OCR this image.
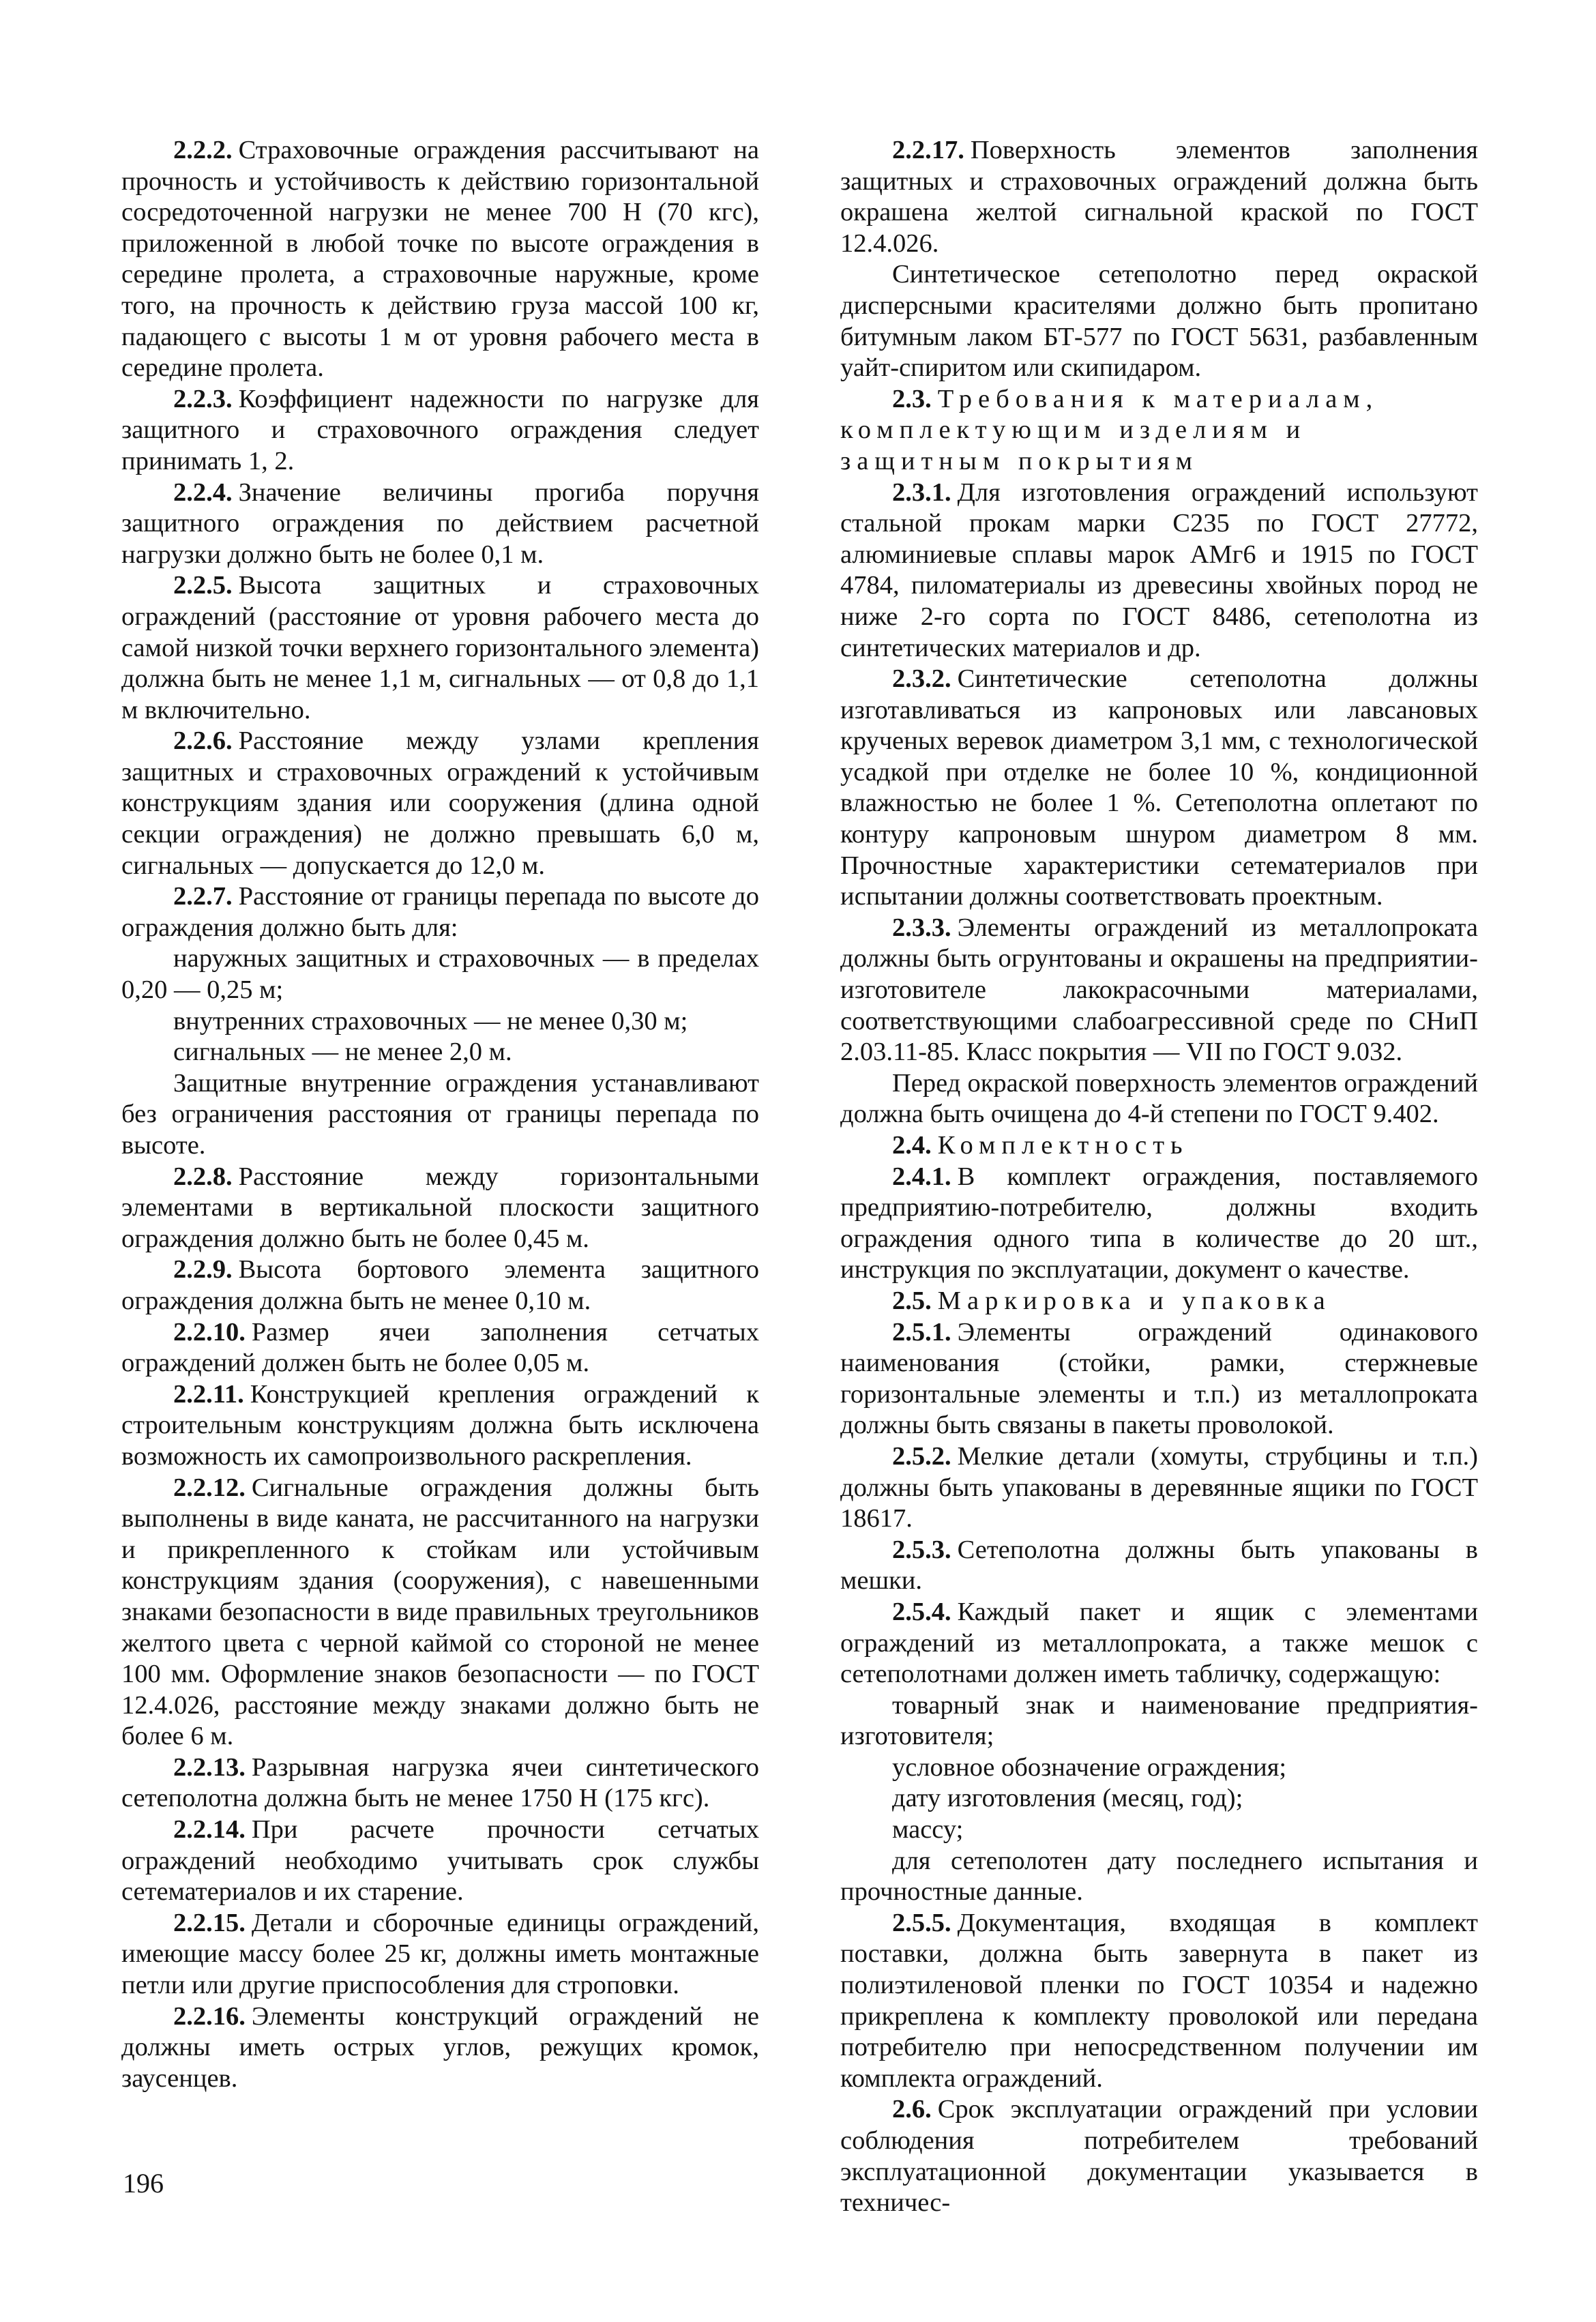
2.2.2. Страховочные ограждения рассчитывают на прочность и устойчивость к действию горизонтальной сосредоточенной нагрузки не менее 700 Н (70 кгс), приложенной в любой точке по высоте ограждения в середине пролета, а страховочные наружные, кроме того, на прочность к действию груза массой 100 кг, падающего с высоты 1 м от уровня рабочего места в середине пролета.

2.2.3. Коэффициент надежности по нагрузке для защитного и страховочного ограждения следует принимать 1, 2.

2.2.4. Значение величины прогиба поручня защитного ограждения по действием расчетной нагрузки должно быть не более 0,1 м.

2.2.5. Высота защитных и страховочных ограждений (расстояние от уровня рабочего места до самой низкой точки верхнего горизонтального элемента) должна быть не менее 1,1 м, сигнальных — от 0,8 до 1,1 м включительно.

2.2.6. Расстояние между узлами крепления защитных и страховочных ограждений к устойчивым конструкциям здания или сооружения (длина одной секции ограждения) не должно превышать 6,0 м, сигнальных — допускается до 12,0 м.

2.2.7. Расстояние от границы перепада по высоте до ограждения должно быть для:

наружных защитных и страховочных — в пределах 0,20 — 0,25 м;

внутренних страховочных — не менее 0,30 м;

сигнальных — не менее 2,0 м.

Защитные внутренние ограждения устанавливают без ограничения расстояния от границы перепада по высоте.

2.2.8. Расстояние между горизонтальными элементами в вертикальной плоскости защитного ограждения должно быть не более 0,45 м.

2.2.9. Высота бортового элемента защитного ограждения должна быть не менее 0,10 м.

2.2.10. Размер ячеи заполнения сетчатых ограждений должен быть не более 0,05 м.

2.2.11. Конструкцией крепления ограждений к строительным конструкциям должна быть исключена возможность их самопроизвольного раскрепления.

2.2.12. Сигнальные ограждения должны быть выполнены в виде каната, не рассчитанного на нагрузки и прикрепленного к стойкам или устойчивым конструкциям здания (сооружения), с навешенными знаками безопасности в виде правильных треугольников желтого цвета с черной каймой со стороной не менее 100 мм. Оформление знаков безопасности — по ГОСТ 12.4.026, расстояние между знаками должно быть не более 6 м.

2.2.13. Разрывная нагрузка ячеи синтетического сетеполотна должна быть не менее 1750 Н (175 кгс).

2.2.14. При расчете прочности сетчатых ограждений необходимо учитывать срок службы сетематериалов и их старение.

2.2.15. Детали и сборочные единицы ограждений, имеющие массу более 25 кг, должны иметь монтажные петли или другие приспособления для строповки.

2.2.16. Элементы конструкций ограждений не должны иметь острых углов, режущих кромок, заусенцев.

2.2.17. Поверхность элементов заполнения защитных и страховочных ограждений должна быть окрашена желтой сигнальной краской по ГОСТ 12.4.026.

Синтетическое сетеполотно перед окраской дисперсными красителями должно быть пропитано битумным лаком БТ-577 по ГОСТ 5631, разбавленным уайт-спиритом или скипидаром.

2.3. Требования к материалам, комплектующим изделиям и защитным покрытиям

2.3.1. Для изготовления ограждений используют стальной прокам марки С235 по ГОСТ 27772, алюминиевые сплавы марок АМг6 и 1915 по ГОСТ 4784, пиломатериалы из древесины хвойных пород не ниже 2-го сорта по ГОСТ 8486, сетеполотна из синтетических материалов и др.

2.3.2. Синтетические сетеполотна должны изготавливаться из капроновых или лавсановых крученых веревок диаметром 3,1 мм, с технологической усадкой при отделке не более 10 %, кондиционной влажностью не более 1 %. Сетеполотна оплетают по контуру капроновым шнуром диаметром 8 мм. Прочностные характеристики сетематериалов при испытании должны соответствовать проектным.

2.3.3. Элементы ограждений из металлопроката должны быть огрунтованы и окрашены на предприятии-изготовителе лакокрасочными материалами, соответствующими слабоагрессивной среде по СНиП 2.03.11-85. Класс покрытия — VII по ГОСТ 9.032.

Перед окраской поверхность элементов ограждений должна быть очищена до 4-й степени по ГОСТ 9.402.

2.4. Комплектность

2.4.1. В комплект ограждения, поставляемого предприятию-потребителю, должны входить ограждения одного типа в количестве до 20 шт., инструкция по эксплуатации, документ о качестве.

2.5. Маркировка и упаковка

2.5.1. Элементы ограждений одинакового наименования (стойки, рамки, стержневые горизонтальные элементы и т.п.) из металлопроката должны быть связаны в пакеты проволокой.

2.5.2. Мелкие детали (хомуты, струбцины и т.п.) должны быть упакованы в деревянные ящики по ГОСТ 18617.

2.5.3. Сетеполотна должны быть упакованы в мешки.

2.5.4. Каждый пакет и ящик с элементами ограждений из металлопроката, а также мешок с сетеполотнами должен иметь табличку, содержащую:

товарный знак и наименование предприятия-изготовителя;

условное обозначение ограждения;

дату изготовления (месяц, год);

массу;

для сетеполотен дату последнего испытания и прочностные данные.

2.5.5. Документация, входящая в комплект поставки, должна быть завернута в пакет из полиэтиленовой пленки по ГОСТ 10354 и надежно прикреплена к комплекту проволокой или передана потребителю при непосредственном получении им комплекта ограждений.

2.6. Срок эксплуатации ограждений при условии соблюдения потребителем требований эксплуатационной документации указывается в техничес-

196
